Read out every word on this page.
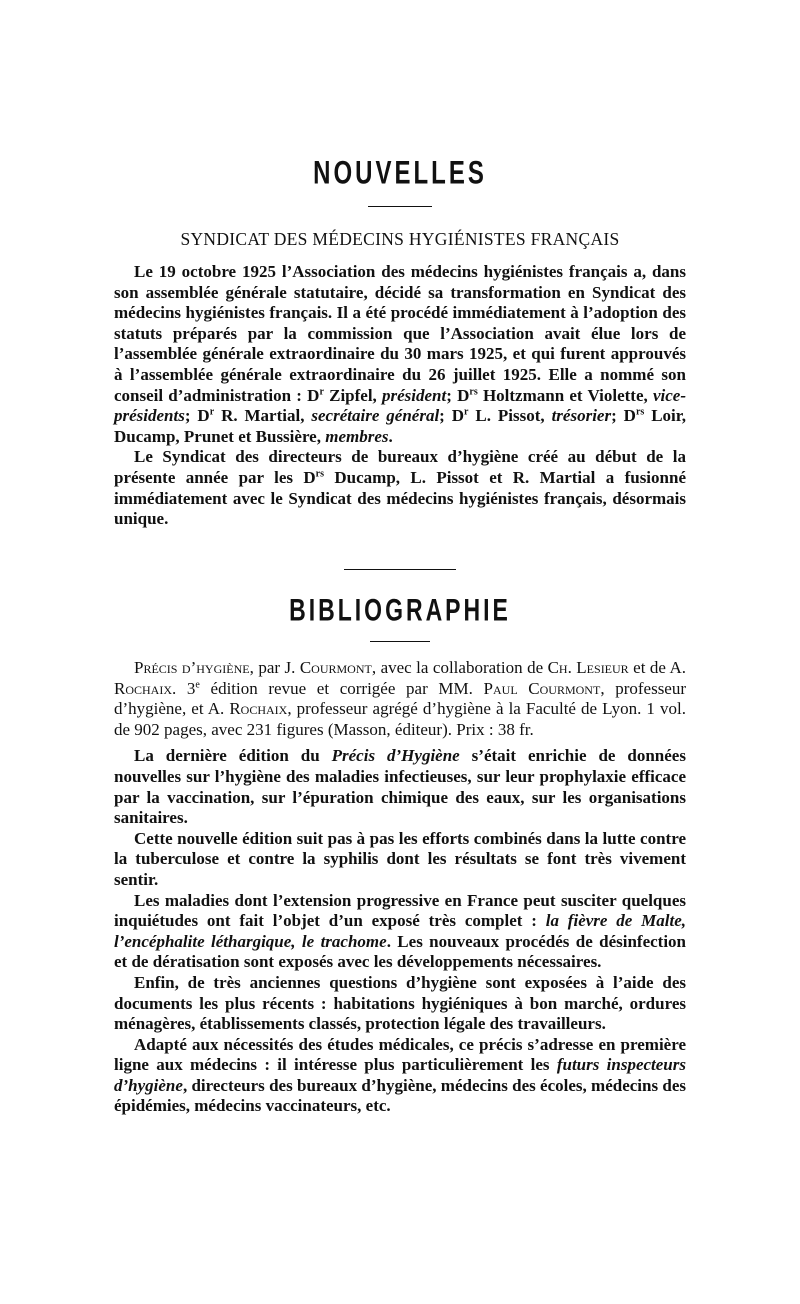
NOUVELLES

SYNDICAT DES MÉDECINS HYGIÉNISTES FRANÇAIS

Le 19 octobre 1925 l’Association des médecins hygiénistes français a, dans son assemblée générale statutaire, décidé sa transformation en Syndicat des médecins hygiénistes français. Il a été procédé immédiatement à l’adoption des statuts préparés par la commission que l’Association avait élue lors de l’assemblée générale extraordinaire du 30 mars 1925, et qui furent approuvés à l’assemblée générale extraordinaire du 26 juillet 1925. Elle a nommé son conseil d’administration : $D^r$ Zipfel, président; $D^{rs}$ Holtzmann et Violette, vice-présidents; $D^r$ R. Martial, secrétaire général; $D^r$ L. Pissot, trésorier; $D^{rs}$ Loir, Ducamp, Prunet et Bussière, membres.

Le Syndicat des directeurs de bureaux d’hygiène créé au début de la présente année par les $D^{rs}$ Ducamp, L. Pissot et R. Martial a fusionné immédiatement avec le Syndicat des médecins hygiénistes français, désormais unique.

BIBLIOGRAPHIE

Précis d’hygiène, par J. Courmont, avec la collaboration de Ch. Lesieur et de A. Rochaix. 3e édition revue et corrigée par MM. Paul Courmont, professeur d’hygiène, et A. Rochaix, professeur agrégé d’hygiène à la Faculté de Lyon. 1 vol. de 902 pages, avec 231 figures (Masson, éditeur). Prix : 38 fr.

La dernière édition du Précis d’Hygiène s’était enrichie de données nouvelles sur l’hygiène des maladies infectieuses, sur leur prophylaxie efficace par la vaccination, sur l’épuration chimique des eaux, sur les organisations sanitaires.

Cette nouvelle édition suit pas à pas les efforts combinés dans la lutte contre la tuberculose et contre la syphilis dont les résultats se font très vivement sentir.

Les maladies dont l’extension progressive en France peut susciter quelques inquiétudes ont fait l’objet d’un exposé très complet : la fièvre de Malte, l’encéphalite léthargique, le trachome. Les nouveaux procédés de désinfection et de dératisation sont exposés avec les développements nécessaires.

Enfin, de très anciennes questions d’hygiène sont exposées à l’aide des documents les plus récents : habitations hygiéniques à bon marché, ordures ménagères, établissements classés, protection légale des travailleurs.

Adapté aux nécessités des études médicales, ce précis s’adresse en première ligne aux médecins : il intéresse plus particulièrement les futurs inspecteurs d’hygiène, directeurs des bureaux d’hygiène, médecins des écoles, médecins des épidémies, médecins vaccinateurs, etc.
